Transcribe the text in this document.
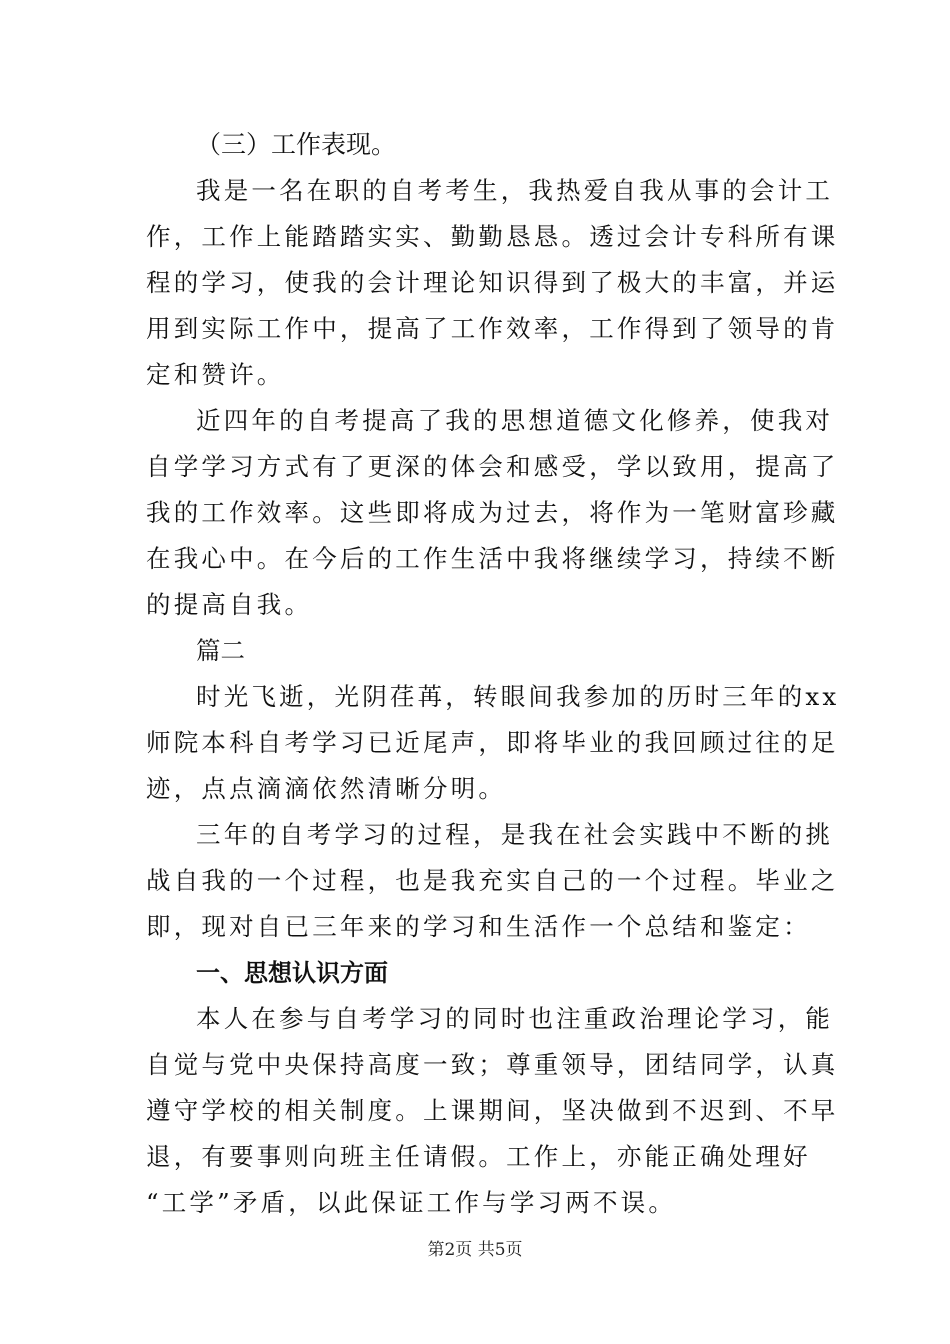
（三）工作表现。

我是一名在职的自考考生，我热爱自我从事的会计工
作，工作上能踏踏实实、勤勤恳恳。透过会计专科所有课
程的学习，使我的会计理论知识得到了极大的丰富，并运
用到实际工作中，提高了工作效率，工作得到了领导的肯
定和赞许。
近四年的自考提高了我的思想道德文化修养，使我对
自学学习方式有了更深的体会和感受，学以致用，提高了
我的工作效率。这些即将成为过去，将作为一笔财富珍藏
在我心中。在今后的工作生活中我将继续学习，持续不断
的提高自我。

篇二

时光飞逝，光阴荏苒，转眼间我参加的历时三年的xx
师院本科自考学习已近尾声，即将毕业的我回顾过往的足
迹，点点滴滴依然清晰分明。
三年的自考学习的过程，是我在社会实践中不断的挑
战自我的一个过程，也是我充实自己的一个过程。毕业之
即，现对自已三年来的学习和生活作一个总结和鉴定：

一、思想认识方面

本人在参与自考学习的同时也注重政治理论学习，能
自觉与党中央保持高度一致；尊重领导，团结同学，认真
遵守学校的相关制度。上课期间，坚决做到不迟到、不早
退，有要事则向班主任请假。工作上，亦能正确处理好
“工学”矛盾，以此保证工作与学习两不误。
第2页 共5页
